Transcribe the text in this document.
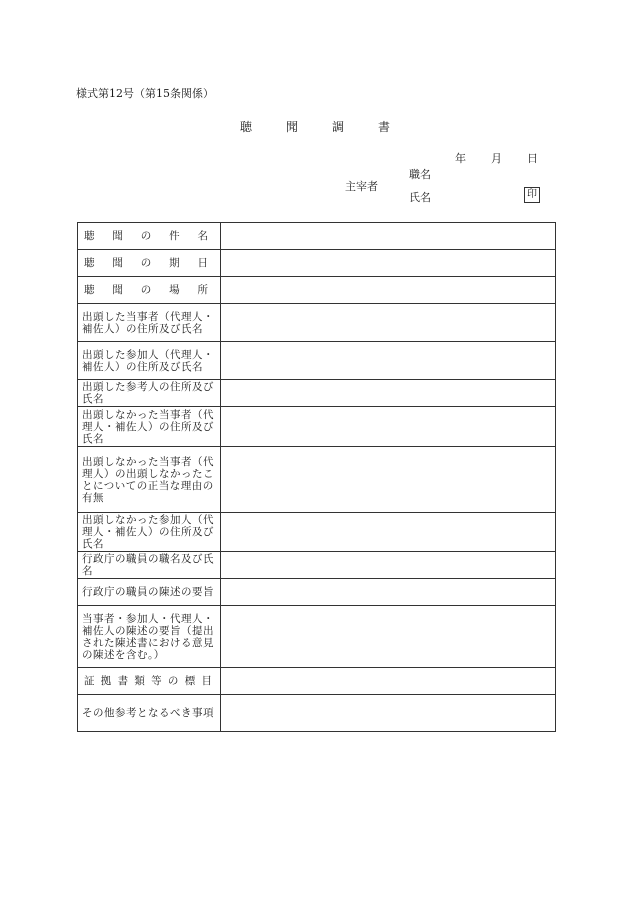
様式第12号（第15条関係）
聴	聞	調	書
年 月 日
主宰者
職名
氏名	印
聴聞の件名	
聴聞の期日	
聴聞の場所	
出頭した当事者（代理人・補佐人）の住所及び氏名	
出頭した参加人（代理人・補佐人）の住所及び氏名	
出頭した参考人の住所及び氏名	
出頭しなかった当事者（代理人・補佐人）の住所及び氏名	
出頭しなかった当事者（代理人）の出頭しなかったことについての正当な理由の有無	
出頭しなかった参加人（代理人・補佐人）の住所及び氏名	
行政庁の職員の職名及び氏名	
行政庁の職員の陳述の要旨	
当事者・参加人・代理人・補佐人の陳述の要旨（提出された陳述書における意見の陳述を含む。）	
証拠書類等の標目	
その他参考となるべき事項	
